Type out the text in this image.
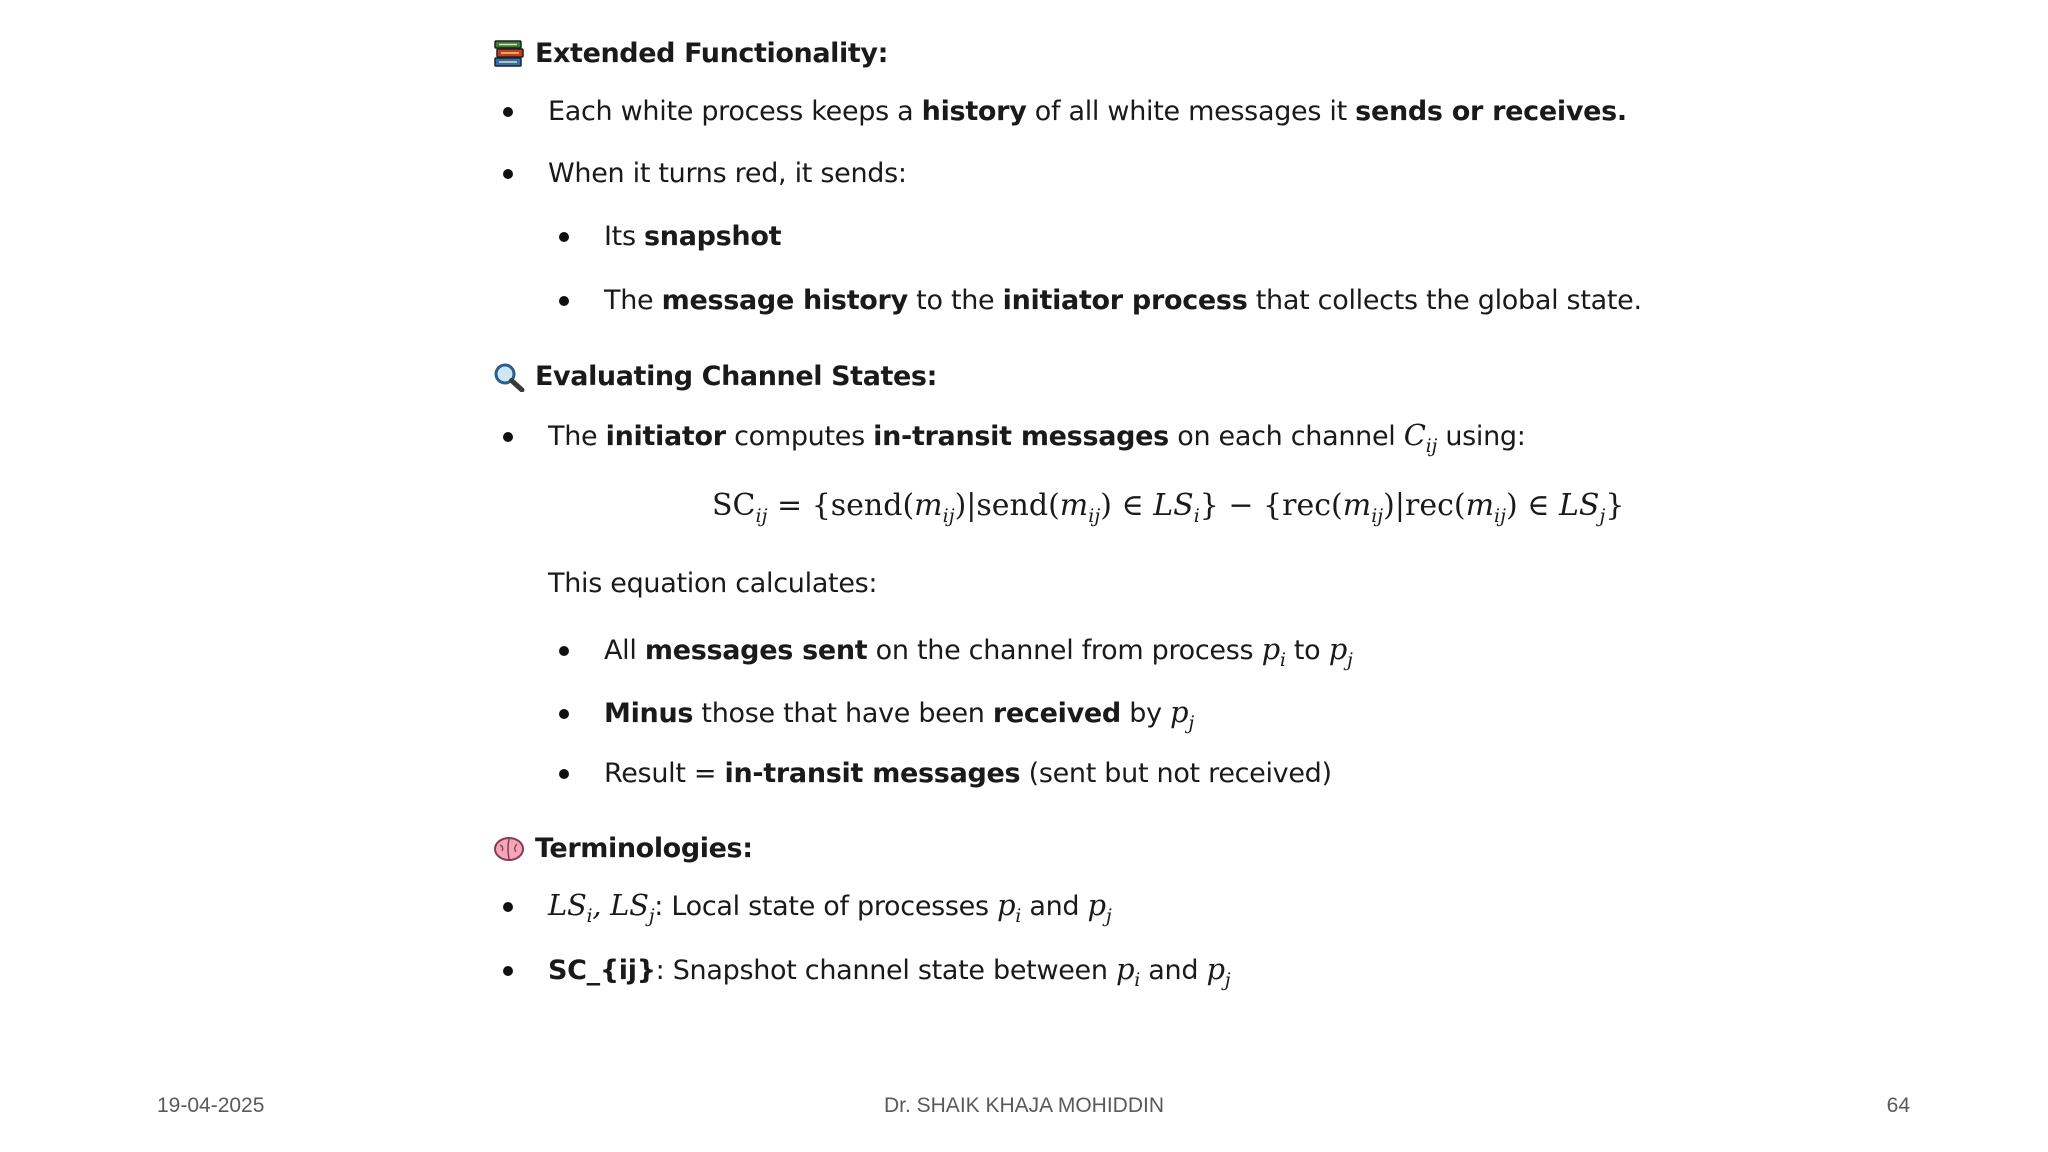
Extended Functionality:
Each white process keeps a history of all white messages it sends or receives.
When it turns red, it sends:
Its snapshot
The message history to the initiator process that collects the global state.
Evaluating Channel States:
The initiator computes in-transit messages on each channel $C_{ij}$ using:
$SC_{ij}$ = {$send(m_{ij})|send(m_{ij})$ ∈ $LS_i\} - \{rec(m_{ij})|rec(m_{ij})$ ∈ $LS_j$}
This equation calculates:
All messages sent on the channel from process $p_i$ to $p_j$
Minus those that have been received by $p_j$
Result = in-transit messages (sent but not received)
Terminologies:
$LS_i$, $LS_j$: Local state of processes $p_i$ and $p_j$
SC_{ij}: Snapshot channel state between $p_i$ and $p_j$
19-04-2025	Dr. SHAIK KHAJA MOHIDDIN	64
